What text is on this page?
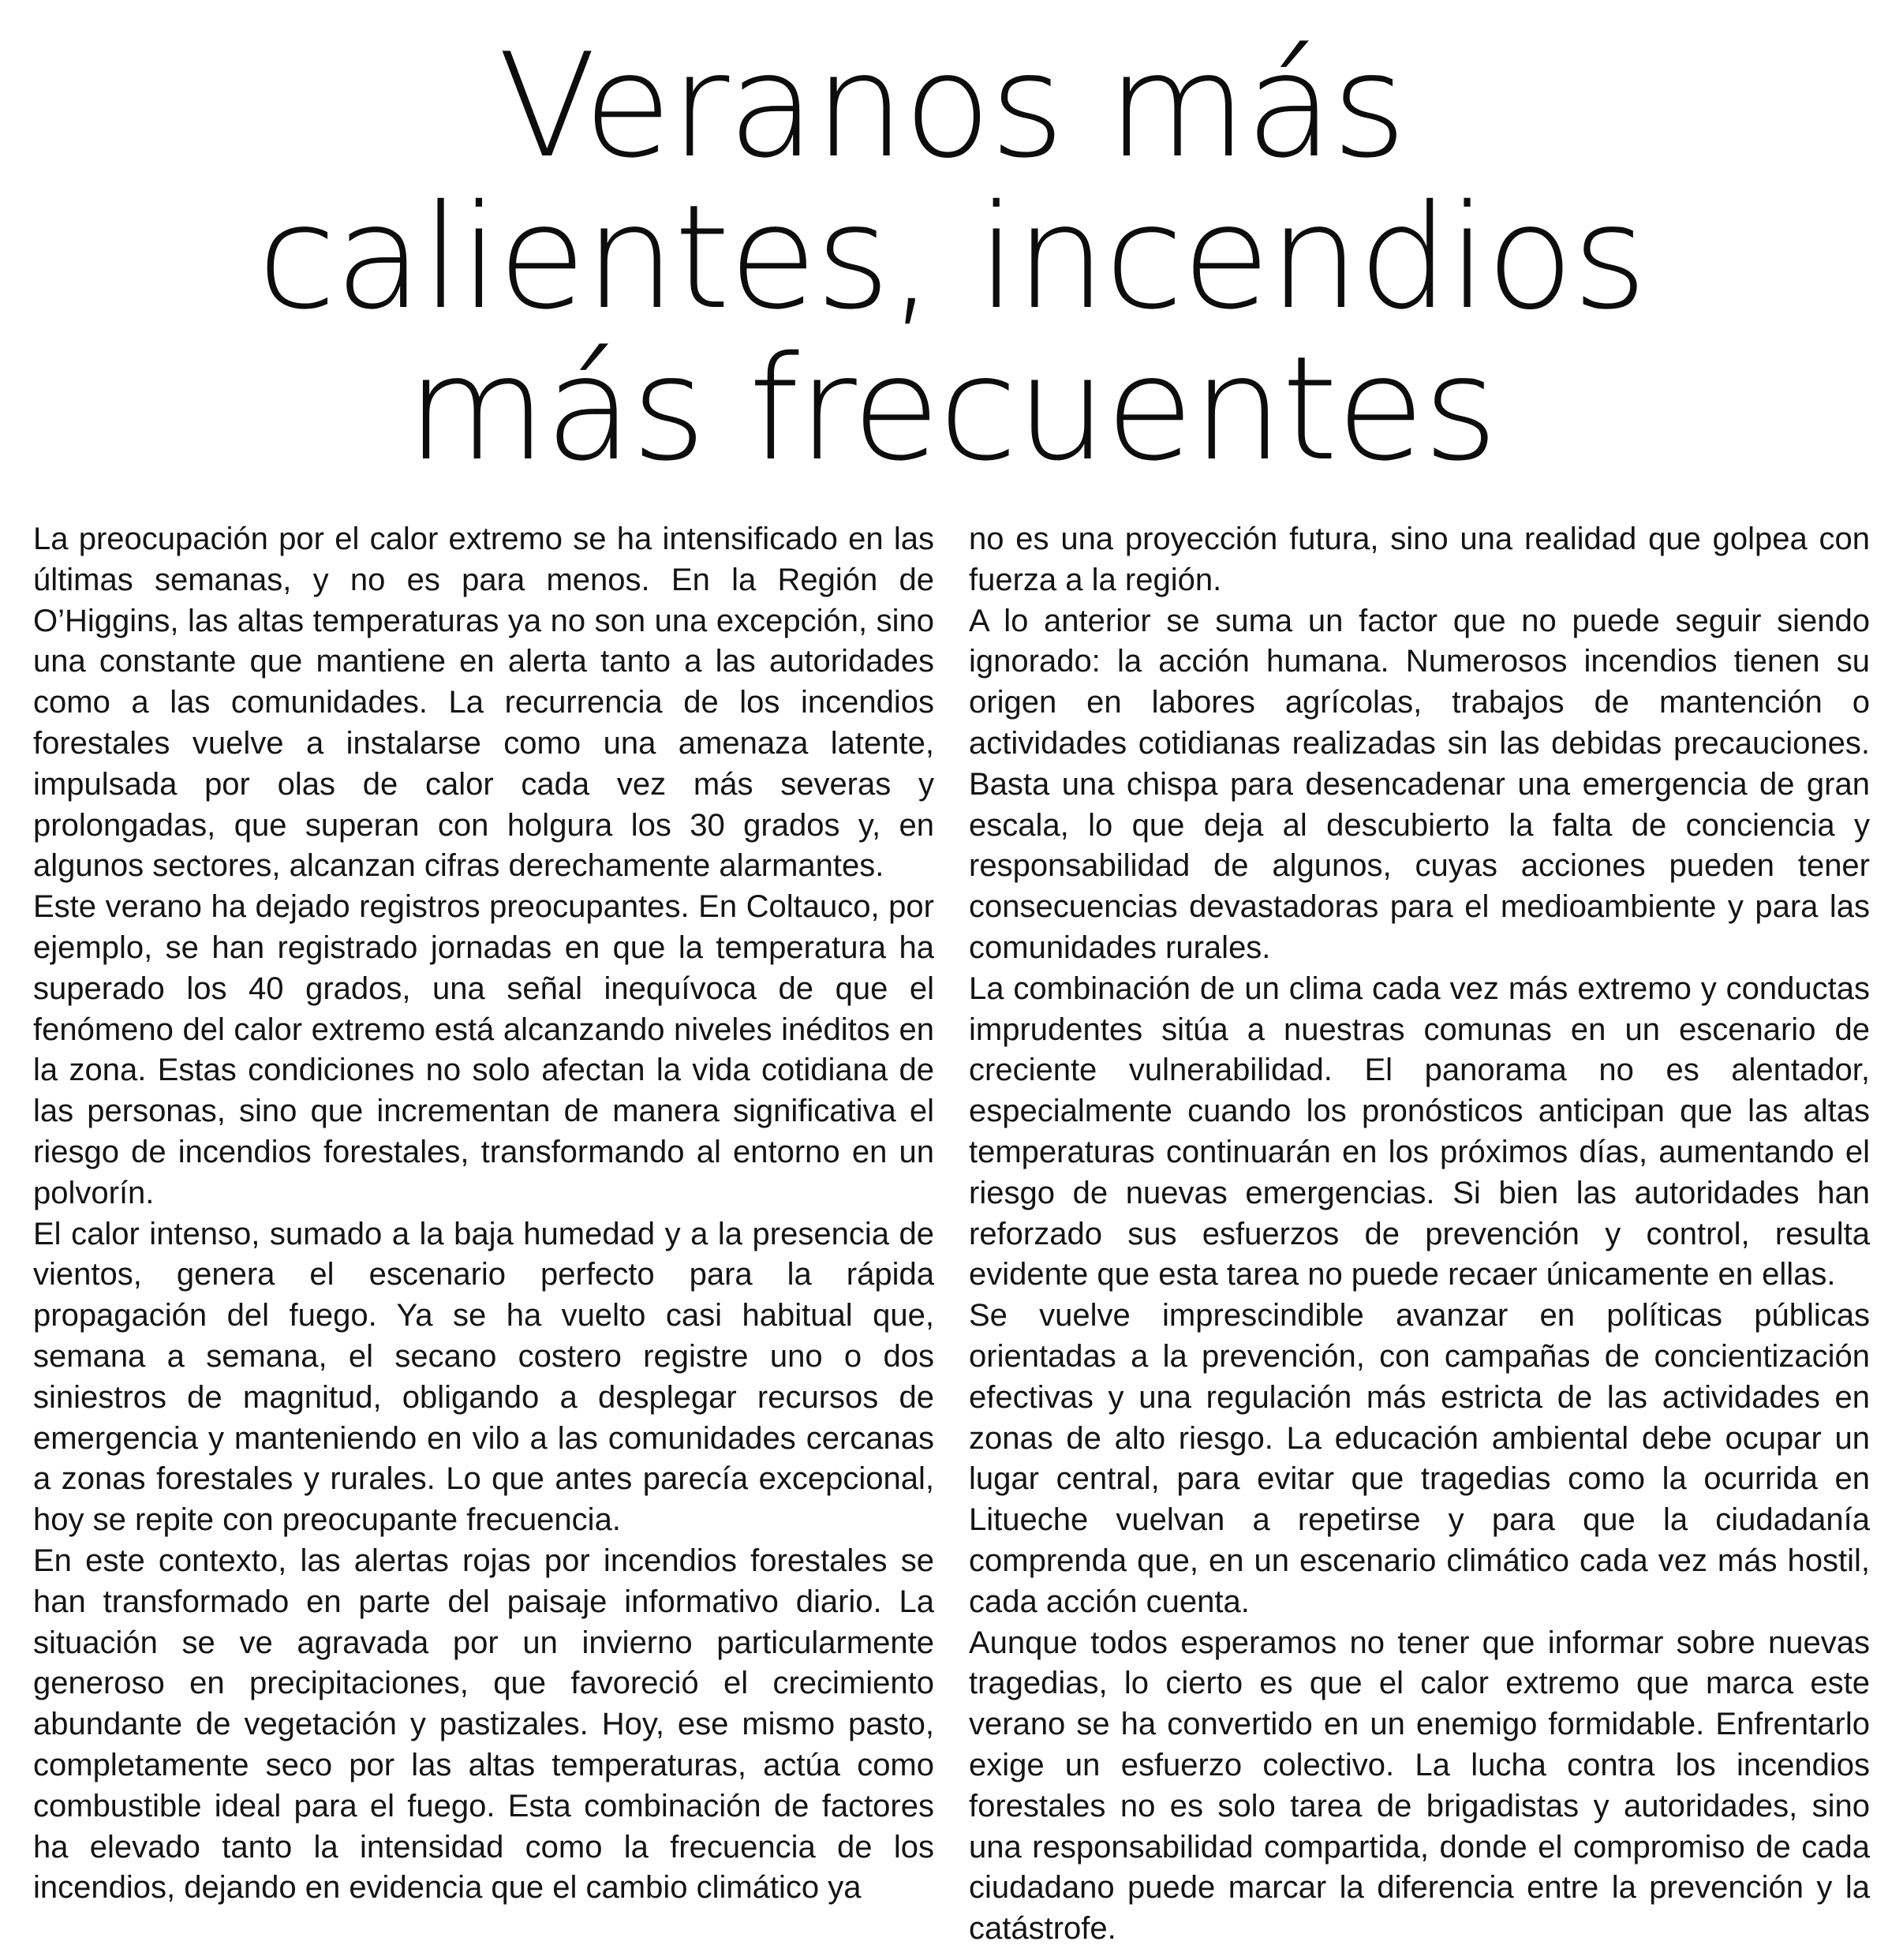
Veranos más
calientes, incendios
más frecuentes

La preocupación por el calor extremo se ha intensificado en las últimas semanas, y no es para menos. En la Región de O’Higgins, las altas temperaturas ya no son una excepción, sino una constante que mantiene en alerta tanto a las autoridades como a las comunidades. La recurrencia de los incendios forestales vuelve a instalarse como una amenaza latente, impulsada por olas de calor cada vez más severas y prolongadas, que superan con holgura los 30 grados y, en algunos sectores, alcanzan cifras derechamente alarmantes.

Este verano ha dejado registros preocupantes. En Coltauco, por ejemplo, se han registrado jornadas en que la temperatura ha superado los 40 grados, una señal inequívoca de que el fenómeno del calor extremo está alcanzando niveles inéditos en la zona. Estas condiciones no solo afectan la vida cotidiana de las personas, sino que incrementan de manera significativa el riesgo de incendios forestales, transformando al entorno en un polvorín.

El calor intenso, sumado a la baja humedad y a la presencia de vientos, genera el escenario perfecto para la rápida propagación del fuego. Ya se ha vuelto casi habitual que, semana a semana, el secano costero registre uno o dos siniestros de magnitud, obligando a desplegar recursos de emergencia y manteniendo en vilo a las comunidades cercanas a zonas forestales y rurales. Lo que antes parecía excepcional, hoy se repite con preocupante frecuencia.

En este contexto, las alertas rojas por incendios forestales se han transformado en parte del paisaje informativo diario. La situación se ve agravada por un invierno particularmente generoso en precipitaciones, que favoreció el crecimiento abundante de vegetación y pastizales. Hoy, ese mismo pasto, completamente seco por las altas temperaturas, actúa como combustible ideal para el fuego. Esta combinación de factores ha elevado tanto la intensidad como la frecuencia de los incendios, dejando en evidencia que el cambio climático ya

no es una proyección futura, sino una realidad que golpea con fuerza a la región.

A lo anterior se suma un factor que no puede seguir siendo ignorado: la acción humana. Numerosos incendios tienen su origen en labores agrícolas, trabajos de mantención o actividades cotidianas realizadas sin las debidas precauciones. Basta una chispa para desencadenar una emergencia de gran escala, lo que deja al descubierto la falta de conciencia y responsabilidad de algunos, cuyas acciones pueden tener consecuencias devastadoras para el medioambiente y para las comunidades rurales.

La combinación de un clima cada vez más extremo y conductas imprudentes sitúa a nuestras comunas en un escenario de creciente vulnerabilidad. El panorama no es alentador, especialmente cuando los pronósticos anticipan que las altas temperaturas continuarán en los próximos días, aumentando el riesgo de nuevas emergencias. Si bien las autoridades han reforzado sus esfuerzos de prevención y control, resulta evidente que esta tarea no puede recaer únicamente en ellas.

Se vuelve imprescindible avanzar en políticas públicas orientadas a la prevención, con campañas de concientización efectivas y una regulación más estricta de las actividades en zonas de alto riesgo. La educación ambiental debe ocupar un lugar central, para evitar que tragedias como la ocurrida en Litueche vuelvan a repetirse y para que la ciudadanía comprenda que, en un escenario climático cada vez más hostil, cada acción cuenta.

Aunque todos esperamos no tener que informar sobre nuevas tragedias, lo cierto es que el calor extremo que marca este verano se ha convertido en un enemigo formidable. Enfrentarlo exige un esfuerzo colectivo. La lucha contra los incendios forestales no es solo tarea de brigadistas y autoridades, sino una responsabilidad compartida, donde el compromiso de cada ciudadano puede marcar la diferencia entre la prevención y la catástrofe.
